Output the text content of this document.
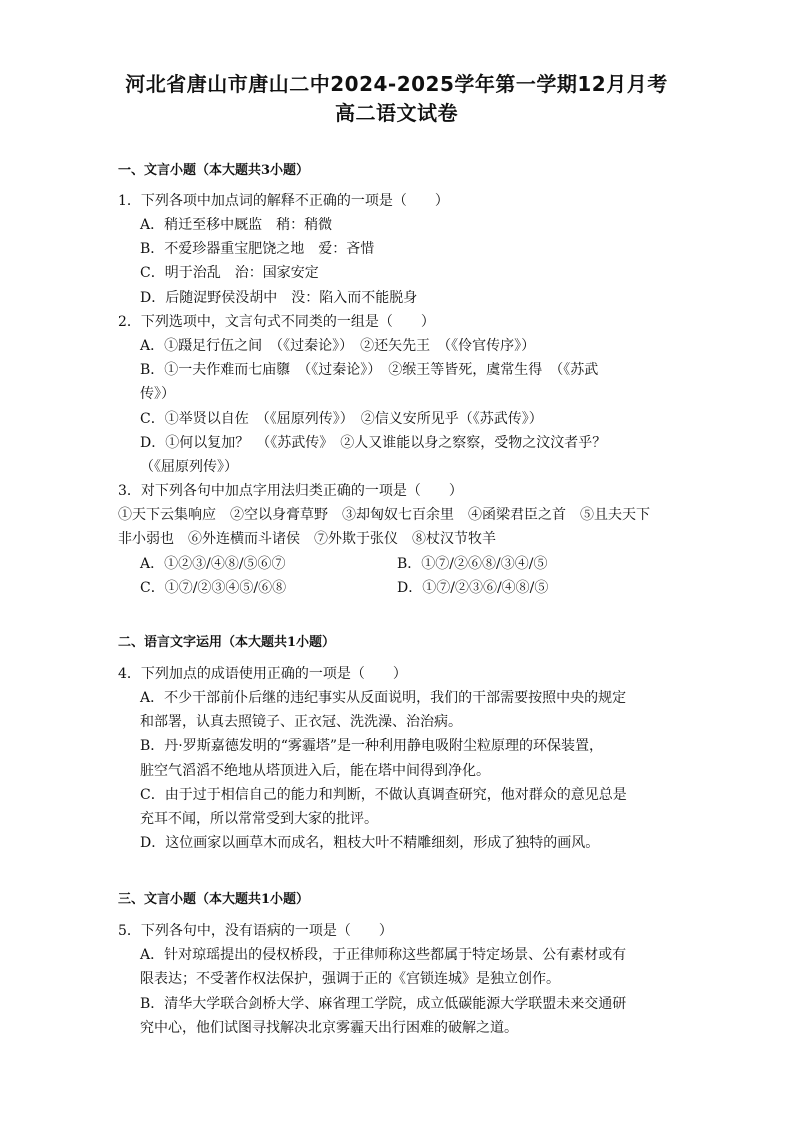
河北省唐山市唐山二中2024-2025学年第一学期12月月考
高二语文试卷
一、文言小题（本大题共3小题）
1．下列各项中加点词的解释不正确的一项是（　　）
A．稍迁至移中厩监　稍：稍微
B．不爱珍器重宝肥饶之地　爱：吝惜
C．明于治乱　治：国家安定
D．后随浞野侯没胡中　没：陷入而不能脱身
2．下列选项中，文言句式不同类的一组是（　　）
A．①蹑足行伍之间　（《过秦论》）　②还矢先王　（《伶官传序》）
B．①一夫作难而七庙隳　（《过秦论》）　②缑王等皆死，虞常生得　（《苏武
传》）
C．①举贤以自佐　（《屈原列传》）　②信义安所见乎（《苏武传》）
D．①何以复加？　（《苏武传》　②人又谁能以身之察察，受物之汶汶者乎？
（《屈原列传》）
3．对下列各句中加点字用法归类正确的一项是（　　）
①天下云集响应　②空以身膏草野　③却匈奴七百余里　④函梁君臣之首　⑤且夫天下
非小弱也　⑥外连横而斗诸侯　⑦外欺于张仪　⑧杖汉节牧羊
A．①②③/④⑧/⑤⑥⑦	B．①⑦/②⑥⑧/③④/⑤
C．①⑦/②③④⑤/⑥⑧	D．①⑦/②③⑥/④⑧/⑤
二、语言文字运用（本大题共1小题）
4．下列加点的成语使用正确的一项是（　　）
A．不少干部前仆后继的违纪事实从反面说明，我们的干部需要按照中央的规定
和部署，认真去照镜子、正衣冠、洗洗澡、治治病。
B．丹·罗斯嘉德发明的“雾霾塔”是一种利用静电吸附尘粒原理的环保装置，
脏空气滔滔不绝地从塔顶进入后，能在塔中间得到净化。
C．由于过于相信自己的能力和判断，不做认真调查研究，他对群众的意见总是
充耳不闻，所以常常受到大家的批评。
D．这位画家以画草木而成名，粗枝大叶不精雕细刻，形成了独特的画风。
三、文言小题（本大题共1小题）
5．下列各句中，没有语病的一项是（　　）
A．针对琼瑶提出的侵权桥段，于正律师称这些都属于特定场景、公有素材或有
限表达；不受著作权法保护，强调于正的《宫锁连城》是独立创作。
B．清华大学联合剑桥大学、麻省理工学院，成立低碳能源大学联盟未来交通研
究中心，他们试图寻找解决北京雾霾天出行困难的破解之道。
